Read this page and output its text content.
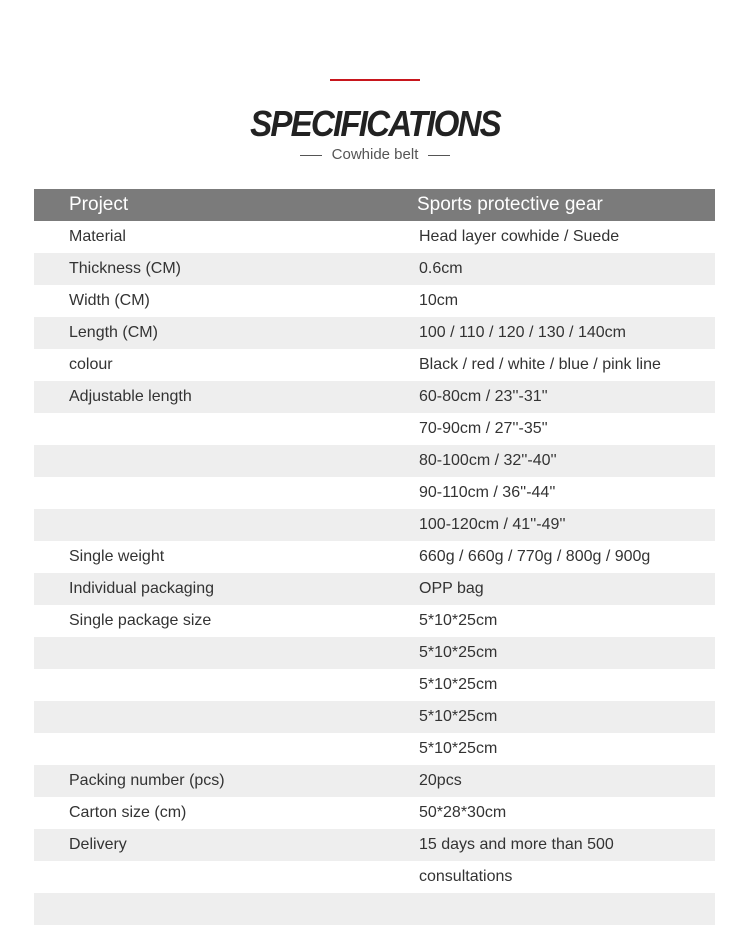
SPECIFICATIONS
Cowhide belt
Project	Sports protective gear
Material	Head layer cowhide / Suede
Thickness (CM)	0.6cm
Width (CM)	10cm
Length (CM)	100 / 110 / 120 / 130 / 140cm
colour	Black / red / white / blue / pink line
Adjustable length	60-80cm / 23''-31''
70-90cm / 27''-35''
80-100cm / 32''-40''
90-110cm / 36''-44''
100-120cm / 41''-49''
Single weight	660g / 660g / 770g / 800g / 900g
Individual packaging	OPP bag
Single package size	5*10*25cm
5*10*25cm
5*10*25cm
5*10*25cm
5*10*25cm
Packing number (pcs)	20pcs
Carton size (cm)	50*28*30cm
Delivery	15 days and more than 500
consultations
